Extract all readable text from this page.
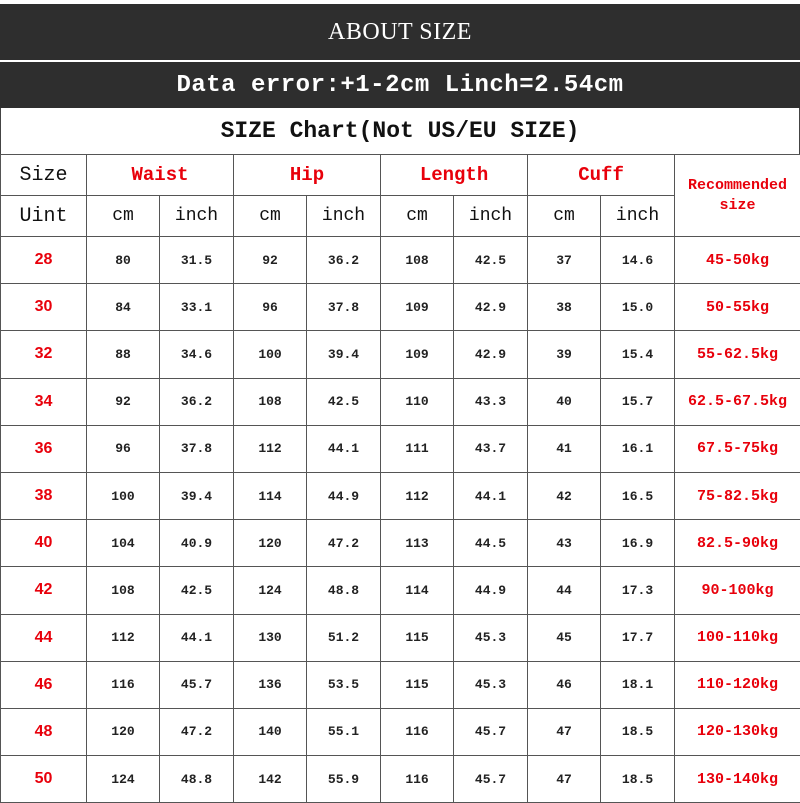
ABOUT SIZE
Data error:+1-2cm Linch=2.54cm
SIZE Chart(Not US/EU SIZE)
Size	Waist		Hip		Length		Cuff		Recommended
size

Uint	cm	inch	cm	inch	cm	inch	cm	inch	
28	80	31.5	92	36.2	108	42.5	37	14.6	45-50kg
30	84	33.1	96	37.8	109	42.9	38	15.0	50-55kg
32	88	34.6	100	39.4	109	42.9	39	15.4	55-62.5kg
34	92	36.2	108	42.5	110	43.3	40	15.7	62.5-67.5kg
36	96	37.8	112	44.1	111	43.7	41	16.1	67.5-75kg
38	100	39.4	114	44.9	112	44.1	42	16.5	75-82.5kg
40	104	40.9	120	47.2	113	44.5	43	16.9	82.5-90kg
42	108	42.5	124	48.8	114	44.9	44	17.3	90-100kg
44	112	44.1	130	51.2	115	45.3	45	17.7	100-110kg
46	116	45.7	136	53.5	115	45.3	46	18.1	110-120kg
48	120	47.2	140	55.1	116	45.7	47	18.5	120-130kg
50	124	48.8	142	55.9	116	45.7	47	18.5	130-140kg
